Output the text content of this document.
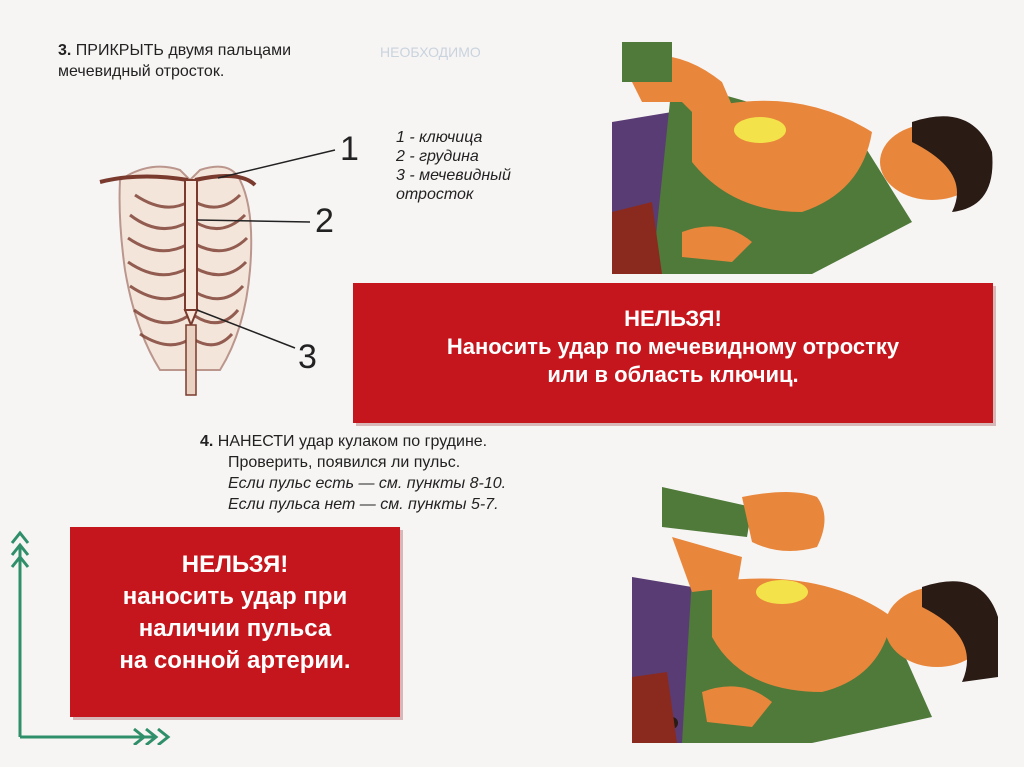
НЕОБХОДИМО
3. ПРИКРЫТЬ двумя пальцами
мечевидный отросток.
1
2
3
1 - ключица
2 - грудина
3 - мечевидный
отросток
НЕЛЬЗЯ!
Наносить удар по мечевидному отростку
или в область ключиц.
4. НАНЕСТИ удар кулаком по грудине.
Проверить, появился ли пульс.
Если пульс есть — см. пункты 8-10.
Если пульса нет — см. пункты 5-7.
НЕЛЬЗЯ!
наносить удар при
наличии пульса
на сонной артерии.
